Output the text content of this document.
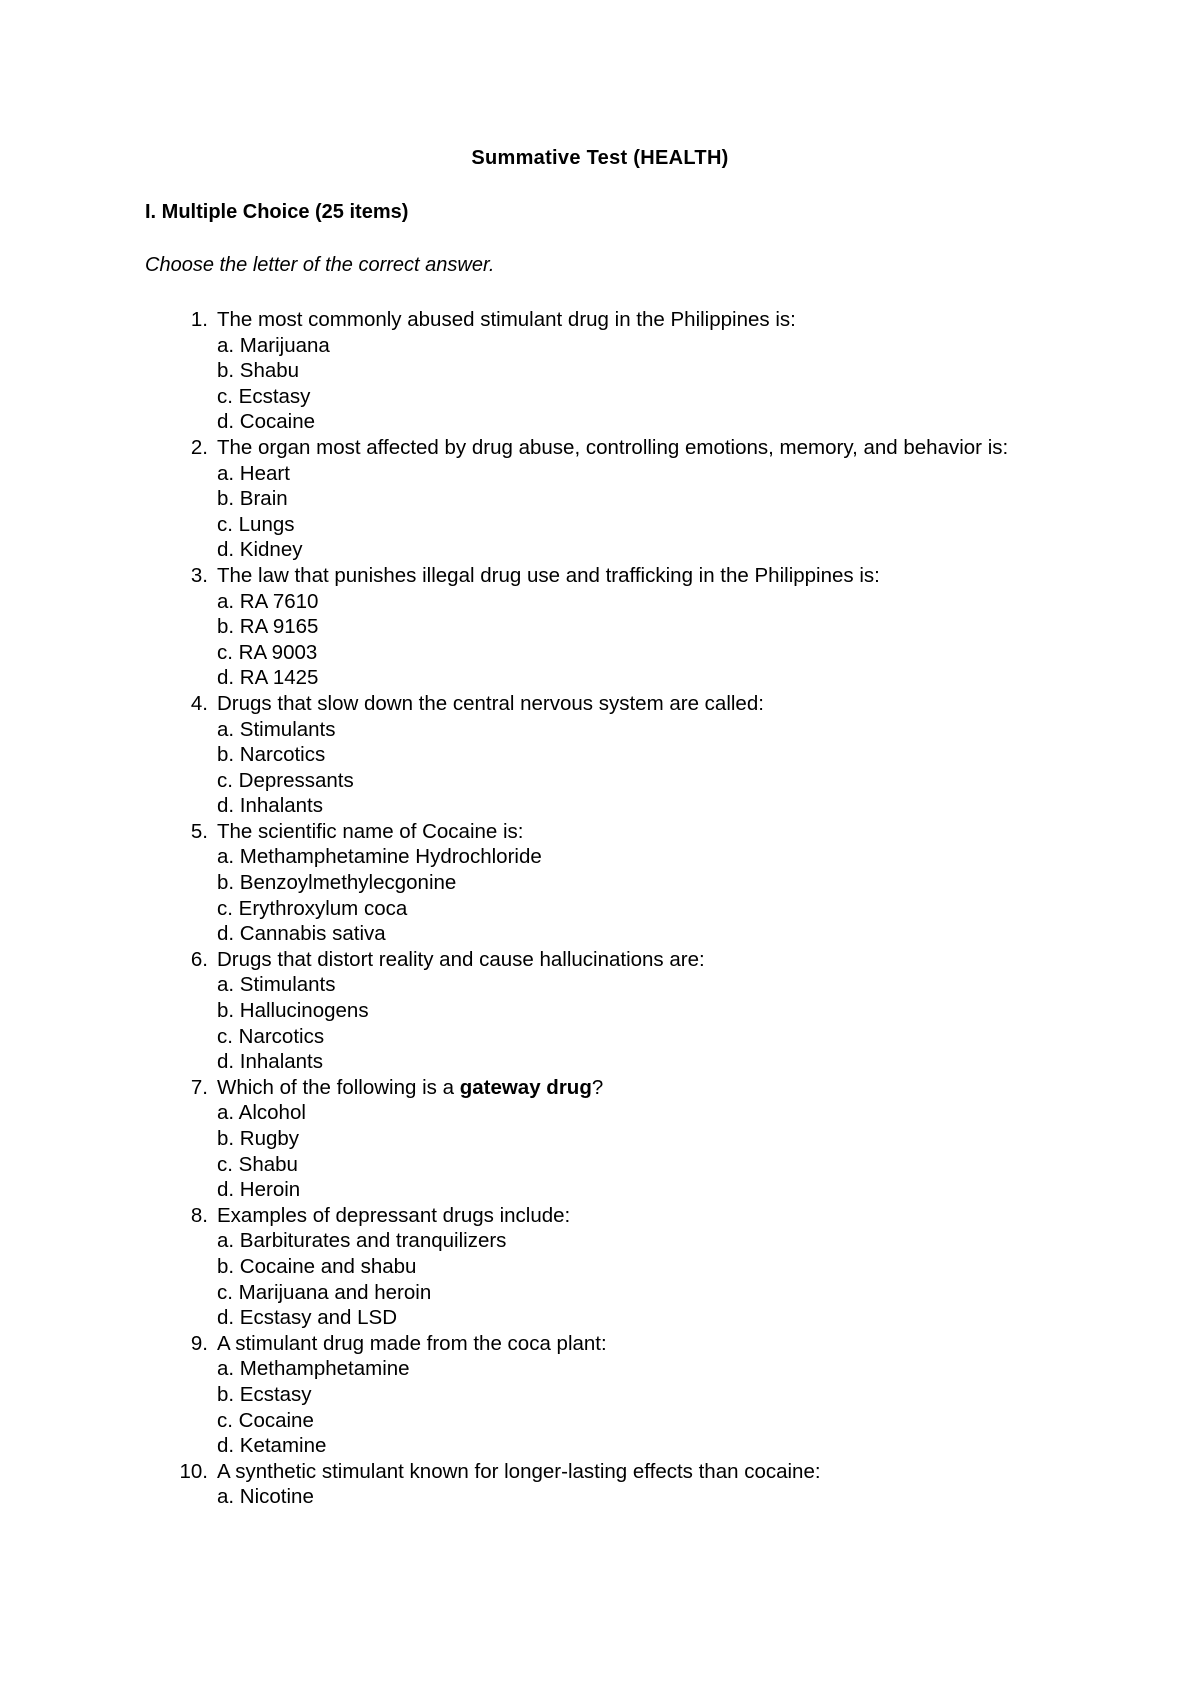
Summative Test (HEALTH)
I. Multiple Choice (25 items)
Choose the letter of the correct answer.
1. The most commonly abused stimulant drug in the Philippines is:
a. Marijuana
b. Shabu
c. Ecstasy
d. Cocaine
2. The organ most affected by drug abuse, controlling emotions, memory, and behavior is:
a. Heart
b. Brain
c. Lungs
d. Kidney
3. The law that punishes illegal drug use and trafficking in the Philippines is:
a. RA 7610
b. RA 9165
c. RA 9003
d. RA 1425
4. Drugs that slow down the central nervous system are called:
a. Stimulants
b. Narcotics
c. Depressants
d. Inhalants
5. The scientific name of Cocaine is:
a. Methamphetamine Hydrochloride
b. Benzoylmethylecgonine
c. Erythroxylum coca
d. Cannabis sativa
6. Drugs that distort reality and cause hallucinations are:
a. Stimulants
b. Hallucinogens
c. Narcotics
d. Inhalants
7. Which of the following is a gateway drug?
a. Alcohol
b. Rugby
c. Shabu
d. Heroin
8. Examples of depressant drugs include:
a. Barbiturates and tranquilizers
b. Cocaine and shabu
c. Marijuana and heroin
d. Ecstasy and LSD
9. A stimulant drug made from the coca plant:
a. Methamphetamine
b. Ecstasy
c. Cocaine
d. Ketamine
10. A synthetic stimulant known for longer-lasting effects than cocaine:
a. Nicotine
